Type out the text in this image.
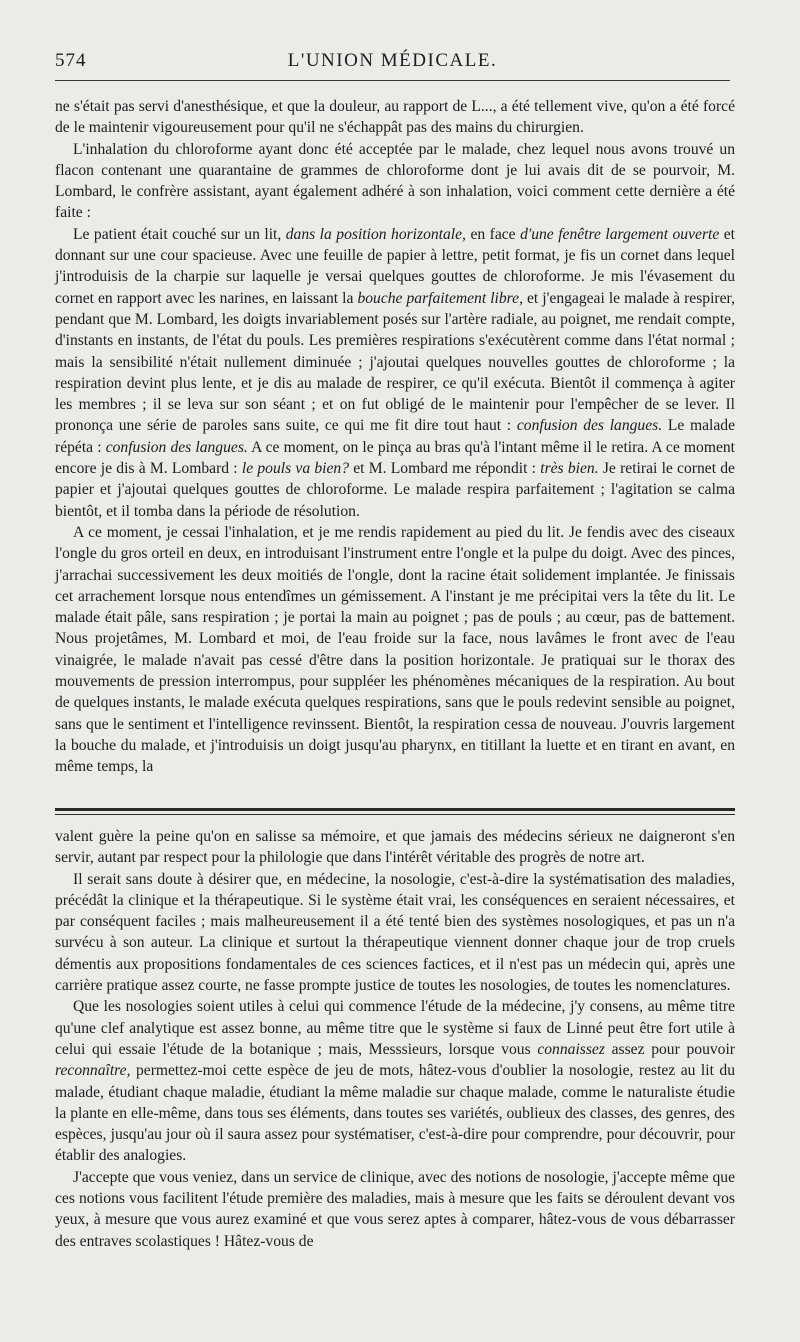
574	L'UNION MÉDICALE.

ne s'était pas servi d'anesthésique, et que la douleur, au rapport de L..., a été tellement vive, qu'on a été forcé de le maintenir vigoureusement pour qu'il ne s'échappât pas des mains du chirurgien.

L'inhalation du chloroforme ayant donc été acceptée par le malade, chez lequel nous avons trouvé un flacon contenant une quarantaine de grammes de chloroforme dont je lui avais dit de se pourvoir, M. Lombard, le confrère assistant, ayant également adhéré à son inhalation, voici comment cette dernière a été faite :

Le patient était couché sur un lit, dans la position horizontale, en face d'une fenêtre largement ouverte et donnant sur une cour spacieuse. Avec une feuille de papier à lettre, petit format, je fis un cornet dans lequel j'introduisis de la charpie sur laquelle je versai quelques gouttes de chloroforme. Je mis l'évasement du cornet en rapport avec les narines, en laissant la bouche parfaitement libre, et j'engageai le malade à respirer, pendant que M. Lombard, les doigts invariablement posés sur l'artère radiale, au poignet, me rendait compte, d'instants en instants, de l'état du pouls. Les premières respirations s'exécutèrent comme dans l'état normal ; mais la sensibilité n'était nullement diminuée ; j'ajoutai quelques nouvelles gouttes de chloroforme ; la respiration devint plus lente, et je dis au malade de respirer, ce qu'il exécuta. Bientôt il commença à agiter les membres ; il se leva sur son séant ; et on fut obligé de le maintenir pour l'empêcher de se lever. Il prononça une série de paroles sans suite, ce qui me fit dire tout haut : confusion des langues. Le malade répéta : confusion des langues. A ce moment, on le pinça au bras qu'à l'intant même il le retira. A ce moment encore je dis à M. Lombard : le pouls va bien? et M. Lombard me répondit : très bien. Je retirai le cornet de papier et j'ajoutai quelques gouttes de chloroforme. Le malade respira parfaitement ; l'agitation se calma bientôt, et il tomba dans la période de résolution.

A ce moment, je cessai l'inhalation, et je me rendis rapidement au pied du lit. Je fendis avec des ciseaux l'ongle du gros orteil en deux, en introduisant l'instrument entre l'ongle et la pulpe du doigt. Avec des pinces, j'arrachai successivement les deux moitiés de l'ongle, dont la racine était solidement implantée. Je finissais cet arrachement lorsque nous entendîmes un gémissement. A l'instant je me précipitai vers la tête du lit. Le malade était pâle, sans respiration ; je portai la main au poignet ; pas de pouls ; au cœur, pas de battement. Nous projetâmes, M. Lombard et moi, de l'eau froide sur la face, nous lavâmes le front avec de l'eau vinaigrée, le malade n'avait pas cessé d'être dans la position horizontale. Je pratiquai sur le thorax des mouvements de pression interrompus, pour suppléer les phénomènes mécaniques de la respiration. Au bout de quelques instants, le malade exécuta quelques respirations, sans que le pouls redevint sensible au poignet, sans que le sentiment et l'intelligence revinssent. Bientôt, la respiration cessa de nouveau. J'ouvris largement la bouche du malade, et j'introduisis un doigt jusqu'au pharynx, en titillant la luette et en tirant en avant, en même temps, la

valent guère la peine qu'on en salisse sa mémoire, et que jamais des médecins sérieux ne daigneront s'en servir, autant par respect pour la philologie que dans l'intérêt véritable des progrès de notre art.

Il serait sans doute à désirer que, en médecine, la nosologie, c'est-à-dire la systématisation des maladies, précédât la clinique et la thérapeutique. Si le système était vrai, les conséquences en seraient nécessaires, et par conséquent faciles ; mais malheureusement il a été tenté bien des systèmes nosologiques, et pas un n'a survécu à son auteur. La clinique et surtout la thérapeutique viennent donner chaque jour de trop cruels démentis aux propositions fondamentales de ces sciences factices, et il n'est pas un médecin qui, après une carrière pratique assez courte, ne fasse prompte justice de toutes les nosologies, de toutes les nomenclatures.

Que les nosologies soient utiles à celui qui commence l'étude de la médecine, j'y consens, au même titre qu'une clef analytique est assez bonne, au même titre que le système si faux de Linné peut être fort utile à celui qui essaie l'étude de la botanique ; mais, Messsieurs, lorsque vous connaissez assez pour pouvoir reconnaître, permettez-moi cette espèce de jeu de mots, hâtez-vous d'oublier la nosologie, restez au lit du malade, étudiant chaque maladie, étudiant la même maladie sur chaque malade, comme le naturaliste étudie la plante en elle-même, dans tous ses éléments, dans toutes ses variétés, oublieux des classes, des genres, des espèces, jusqu'au jour où il saura assez pour systématiser, c'est-à-dire pour comprendre, pour découvrir, pour établir des analogies.

J'accepte que vous veniez, dans un service de clinique, avec des notions de nosologie, j'accepte même que ces notions vous facilitent l'étude première des maladies, mais à mesure que les faits se déroulent devant vos yeux, à mesure que vous aurez examiné et que vous serez aptes à comparer, hâtez-vous de vous débarrasser des entraves scolastiques ! Hâtez-vous de
